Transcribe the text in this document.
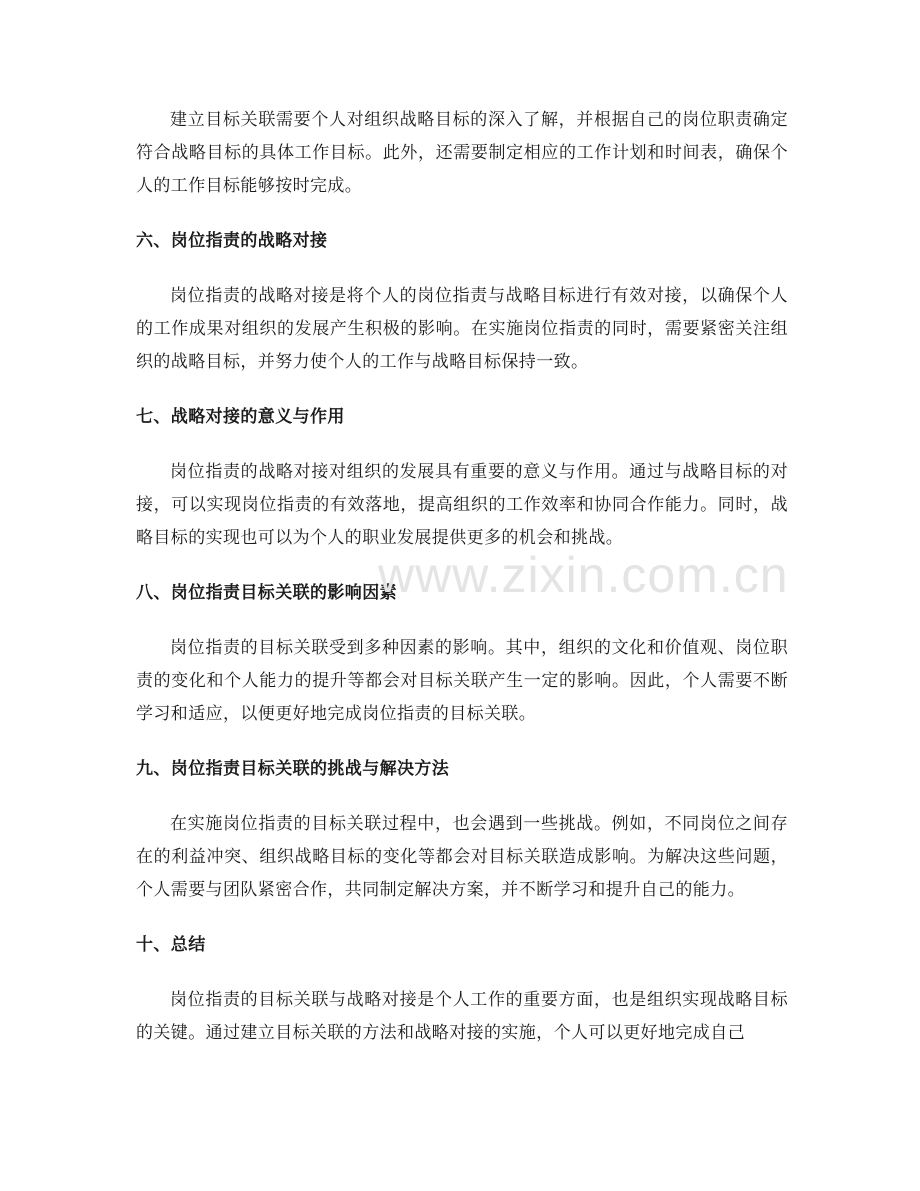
建立目标关联需要个人对组织战略目标的深入了解，并根据自己的岗位职责确定符合战略目标的具体工作目标。此外，还需要制定相应的工作计划和时间表，确保个人的工作目标能够按时完成。

六、岗位指责的战略对接

岗位指责的战略对接是将个人的岗位指责与战略目标进行有效对接，以确保个人的工作成果对组织的发展产生积极的影响。在实施岗位指责的同时，需要紧密关注组织的战略目标，并努力使个人的工作与战略目标保持一致。

七、战略对接的意义与作用

岗位指责的战略对接对组织的发展具有重要的意义与作用。通过与战略目标的对接，可以实现岗位指责的有效落地，提高组织的工作效率和协同合作能力。同时，战略目标的实现也可以为个人的职业发展提供更多的机会和挑战。

八、岗位指责目标关联的影响因素

岗位指责的目标关联受到多种因素的影响。其中，组织的文化和价值观、岗位职责的变化和个人能力的提升等都会对目标关联产生一定的影响。因此，个人需要不断学习和适应，以便更好地完成岗位指责的目标关联。

九、岗位指责目标关联的挑战与解决方法

在实施岗位指责的目标关联过程中，也会遇到一些挑战。例如，不同岗位之间存在的利益冲突、组织战略目标的变化等都会对目标关联造成影响。为解决这些问题，个人需要与团队紧密合作，共同制定解决方案，并不断学习和提升自己的能力。

十、总结

岗位指责的目标关联与战略对接是个人工作的重要方面，也是组织实现战略目标的关键。通过建立目标关联的方法和战略对接的实施，个人可以更好地完成自己

www.zixin.com.cn
